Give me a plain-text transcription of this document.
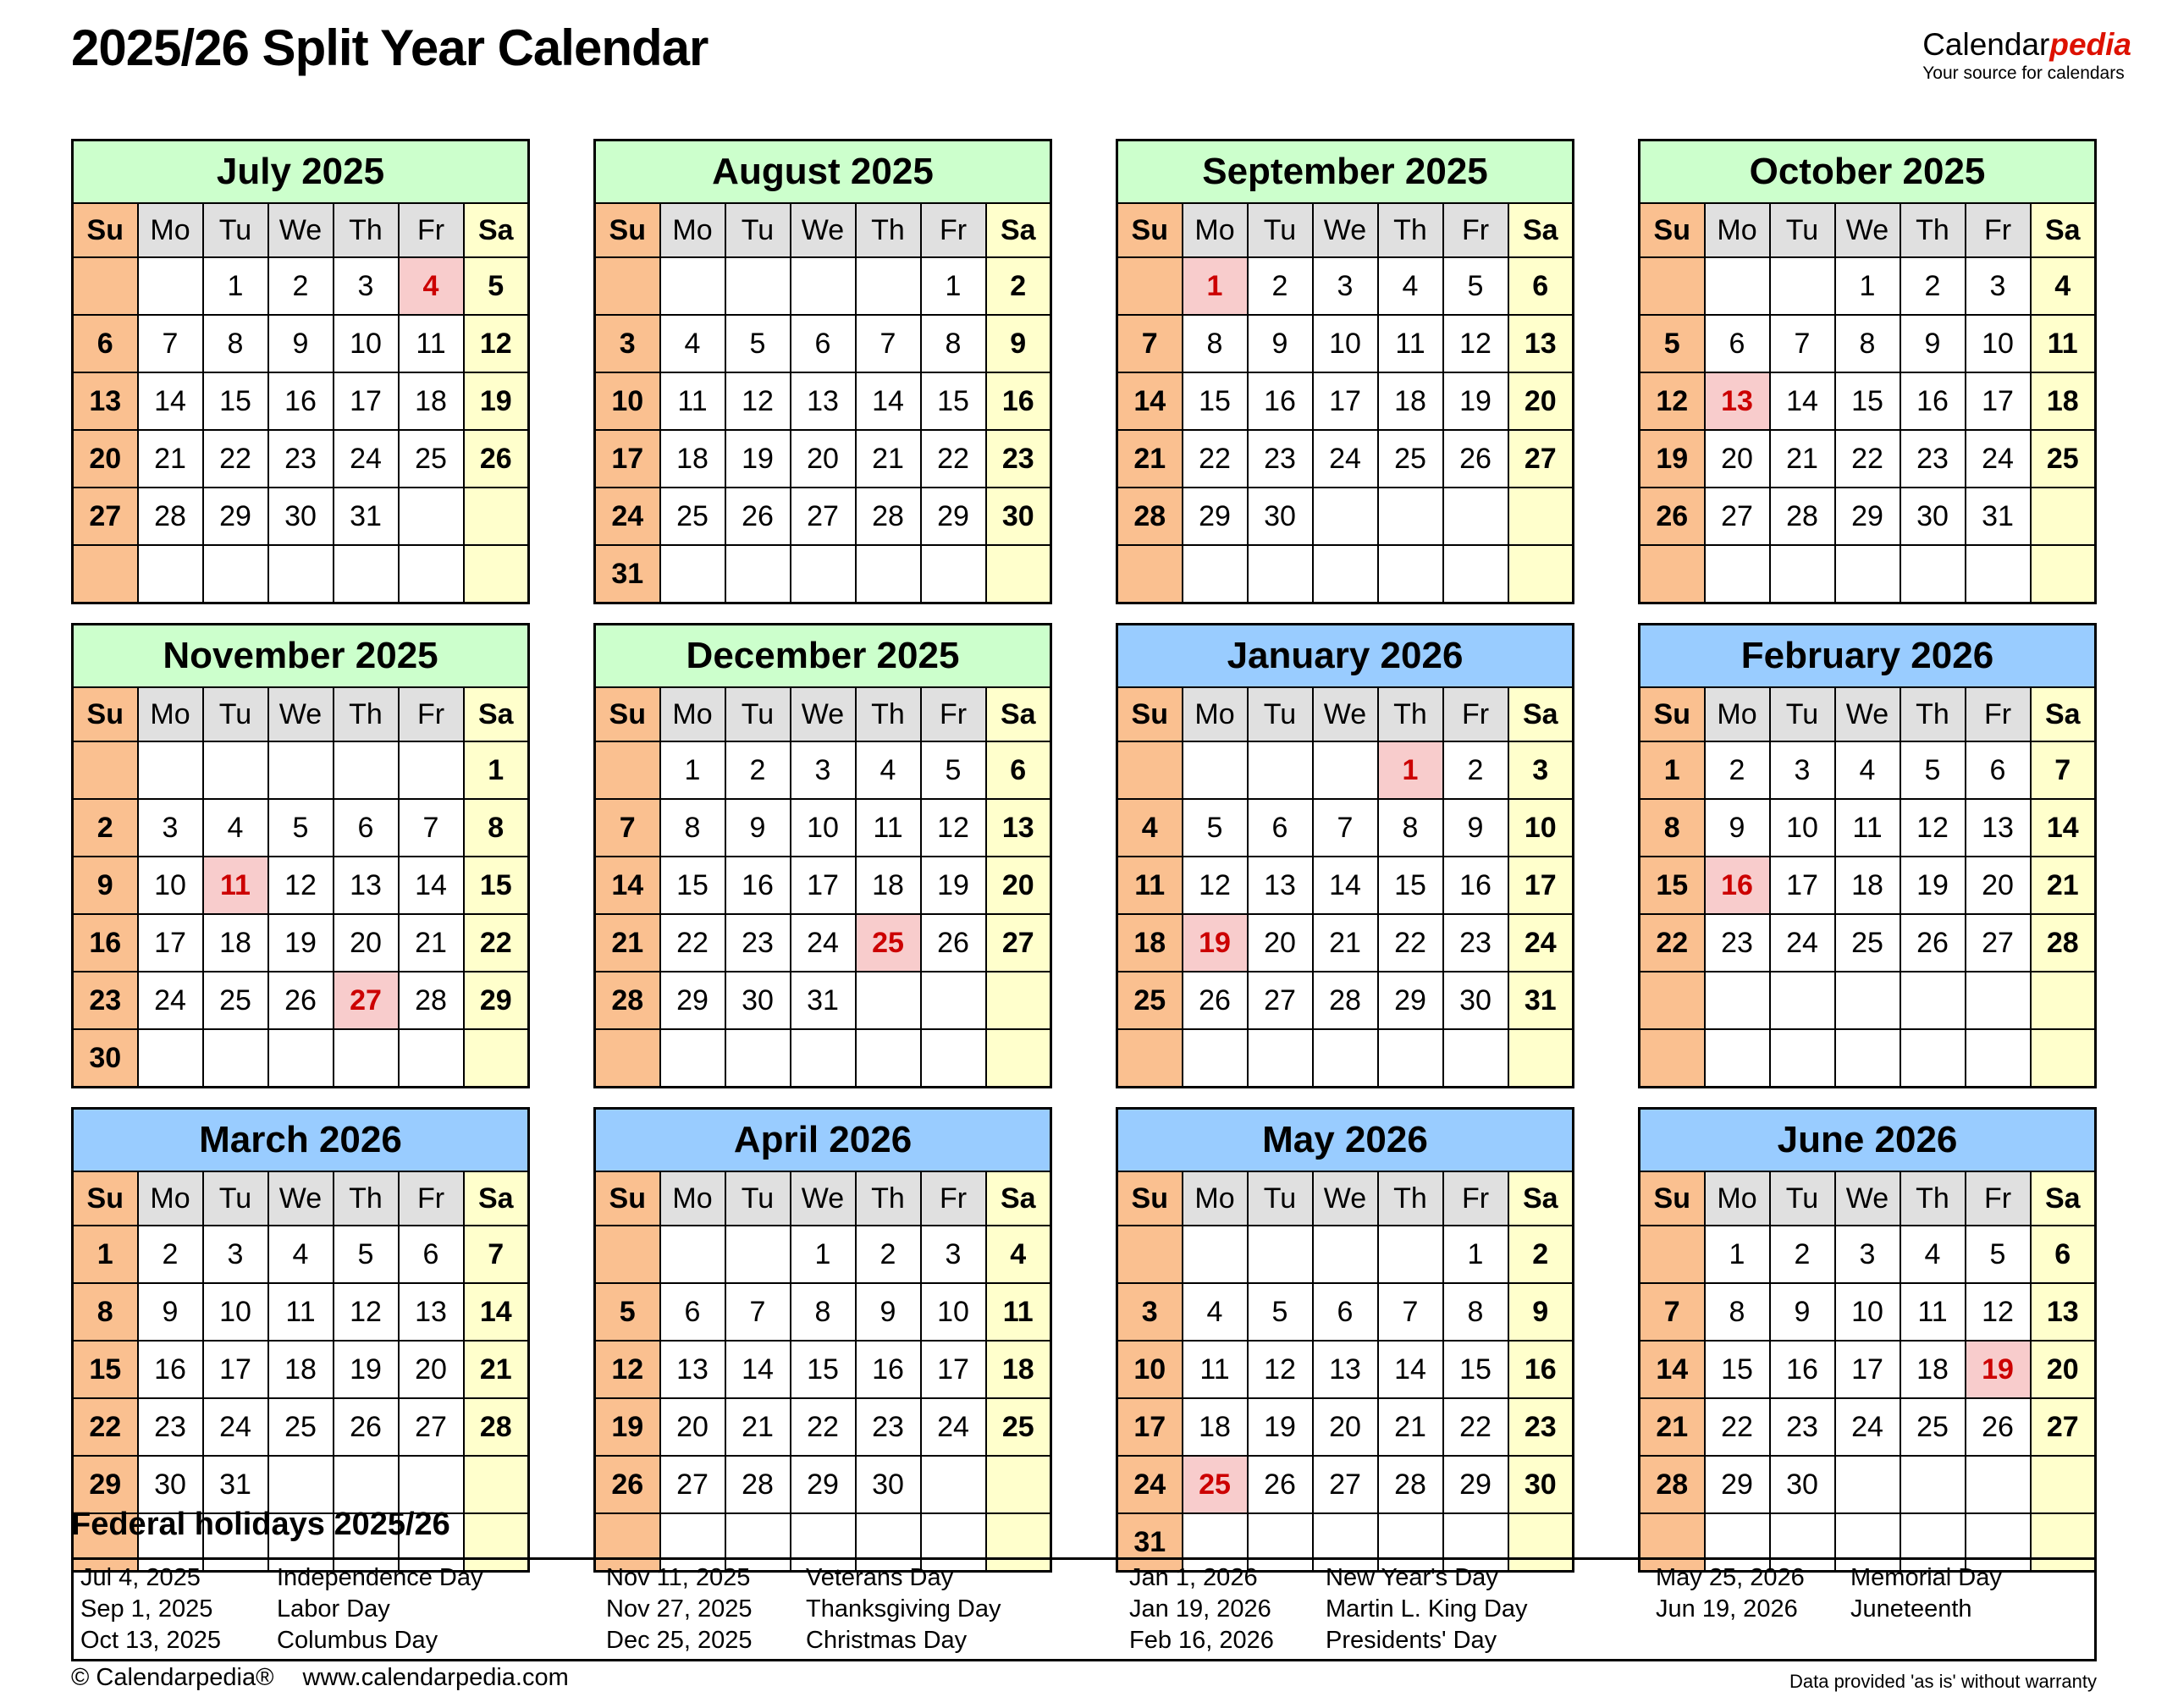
2025/26 Split Year Calendar	Calendarpedia
Your source for calendars
July 2025						
Su	Mo	Tu	We	Th	Fr	Sa
		1	2	3	4	5
6	7	8	9	10	11	12
13	14	15	16	17	18	19
20	21	22	23	24	25	26
27	28	29	30	31		

August 2025						
Su	Mo	Tu	We	Th	Fr	Sa
					1	2
3	4	5	6	7	8	9
10	11	12	13	14	15	16
17	18	19	20	21	22	23
24	25	26	27	28	29	30
31						
September 2025						
Su	Mo	Tu	We	Th	Fr	Sa
	1	2	3	4	5	6
7	8	9	10	11	12	13
14	15	16	17	18	19	20
21	22	23	24	25	26	27
28	29	30				

October 2025						
Su	Mo	Tu	We	Th	Fr	Sa
			1	2	3	4
5	6	7	8	9	10	11
12	13	14	15	16	17	18
19	20	21	22	23	24	25
26	27	28	29	30	31	

November 2025						
Su	Mo	Tu	We	Th	Fr	Sa
						1
2	3	4	5	6	7	8
9	10	11	12	13	14	15
16	17	18	19	20	21	22
23	24	25	26	27	28	29
30						
December 2025						
Su	Mo	Tu	We	Th	Fr	Sa
	1	2	3	4	5	6
7	8	9	10	11	12	13
14	15	16	17	18	19	20
21	22	23	24	25	26	27
28	29	30	31			

January 2026						
Su	Mo	Tu	We	Th	Fr	Sa
				1	2	3
4	5	6	7	8	9	10
11	12	13	14	15	16	17
18	19	20	21	22	23	24
25	26	27	28	29	30	31

February 2026						
Su	Mo	Tu	We	Th	Fr	Sa
1	2	3	4	5	6	7
8	9	10	11	12	13	14
15	16	17	18	19	20	21
22	23	24	25	26	27	28

March 2026						
Su	Mo	Tu	We	Th	Fr	Sa
1	2	3	4	5	6	7
8	9	10	11	12	13	14
15	16	17	18	19	20	21
22	23	24	25	26	27	28
29	30	31				

April 2026						
Su	Mo	Tu	We	Th	Fr	Sa
			1	2	3	4
5	6	7	8	9	10	11
12	13	14	15	16	17	18
19	20	21	22	23	24	25
26	27	28	29	30		

May 2026						
Su	Mo	Tu	We	Th	Fr	Sa
					1	2
3	4	5	6	7	8	9
10	11	12	13	14	15	16
17	18	19	20	21	22	23
24	25	26	27	28	29	30
31						
June 2026						
Su	Mo	Tu	We	Th	Fr	Sa
	1	2	3	4	5	6
7	8	9	10	11	12	13
14	15	16	17	18	19	20
21	22	23	24	25	26	27
28	29	30				

Federal holidays 2025/26
Jul 4, 2025	Independence Day	Nov 11, 2025	Veterans Day	Jan 1, 2026	New Year's Day	May 25, 2026	Memorial Day
Sep 1, 2025	Labor Day	Nov 27, 2025	Thanksgiving Day	Jan 19, 2026	Martin L. King Day	Jun 19, 2026	Juneteenth
Oct 13, 2025	Columbus Day	Dec 25, 2025	Christmas Day	Feb 16, 2026	Presidents' Day
© Calendarpedia® www.calendarpedia.com	Data provided 'as is' without warranty
